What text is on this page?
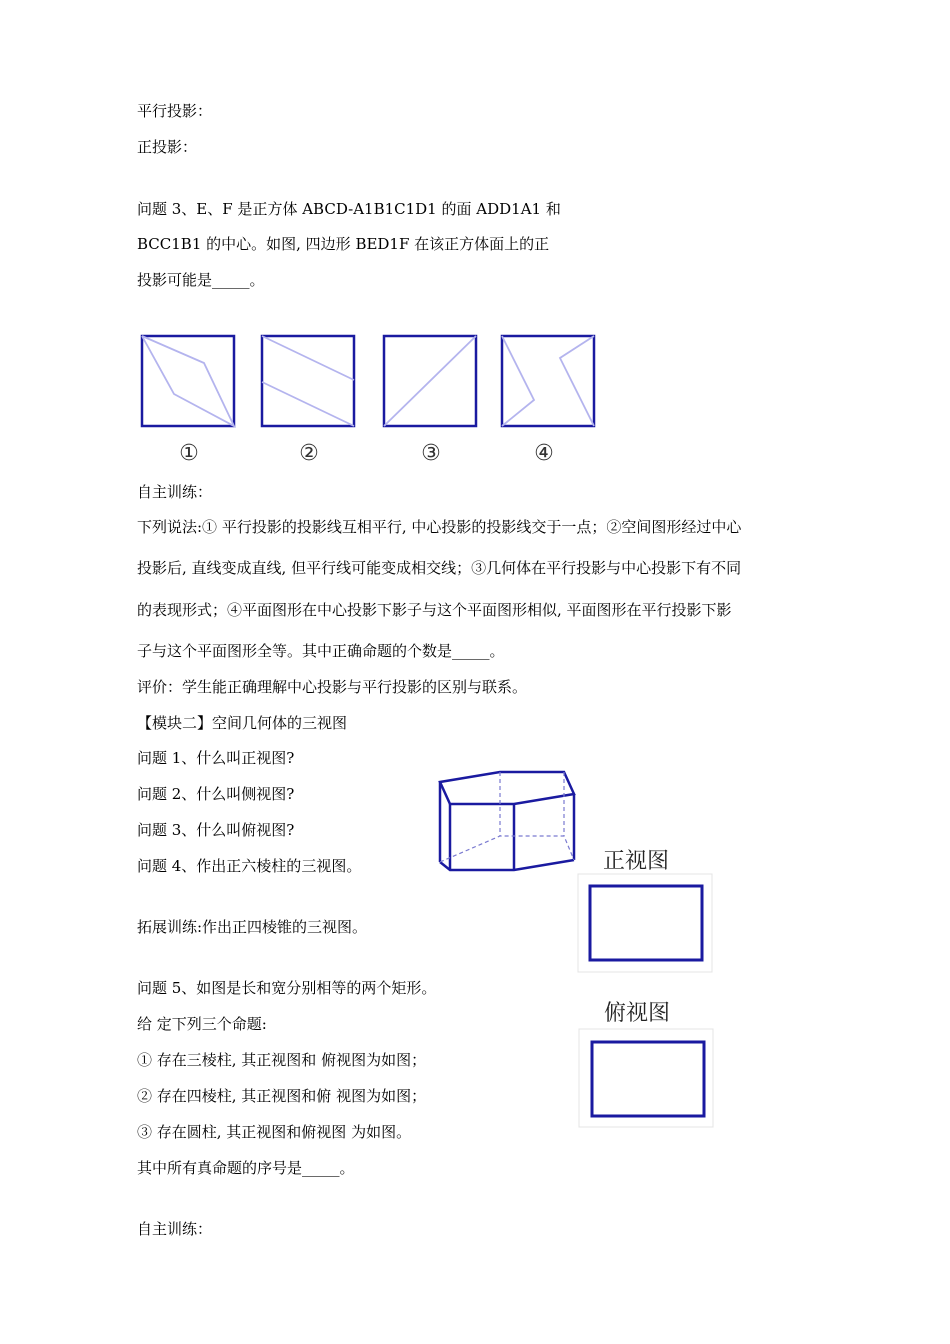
平行投影：
正投影：
问题 3、E、F 是正方体 ABCD-A1B1C1D1 的面 ADD1A1 和
BCC1B1 的中心。如图, 四边形 BED1F 在该正方体面上的正
投影可能是_____。
①	②	③	④
自主训练：
下列说法:① 平行投影的投影线互相平行, 中心投影的投影线交于一点；②空间图形经过中心
投影后, 直线变成直线, 但平行线可能变成相交线；③几何体在平行投影与中心投影下有不同
的表现形式；④平面图形在中心投影下影子与这个平面图形相似, 平面图形在平行投影下影
子与这个平面图形全等。其中正确命题的个数是_____。
评价：学生能正确理解中心投影与平行投影的区别与联系。
【模块二】空间几何体的三视图
问题 1、什么叫正视图?
问题 2、什么叫侧视图?
问题 3、什么叫俯视图?
问题 4、作出正六棱柱的三视图。
拓展训练:作出正四棱锥的三视图。
问题 5、如图是长和宽分别相等的两个矩形。
给 定下列三个命题:
① 存在三棱柱, 其正视图和 俯视图为如图；
② 存在四棱柱, 其正视图和俯 视图为如图；
③ 存在圆柱, 其正视图和俯视图 为如图。
其中所有真命题的序号是_____。
自主训练：
正视图
俯视图
